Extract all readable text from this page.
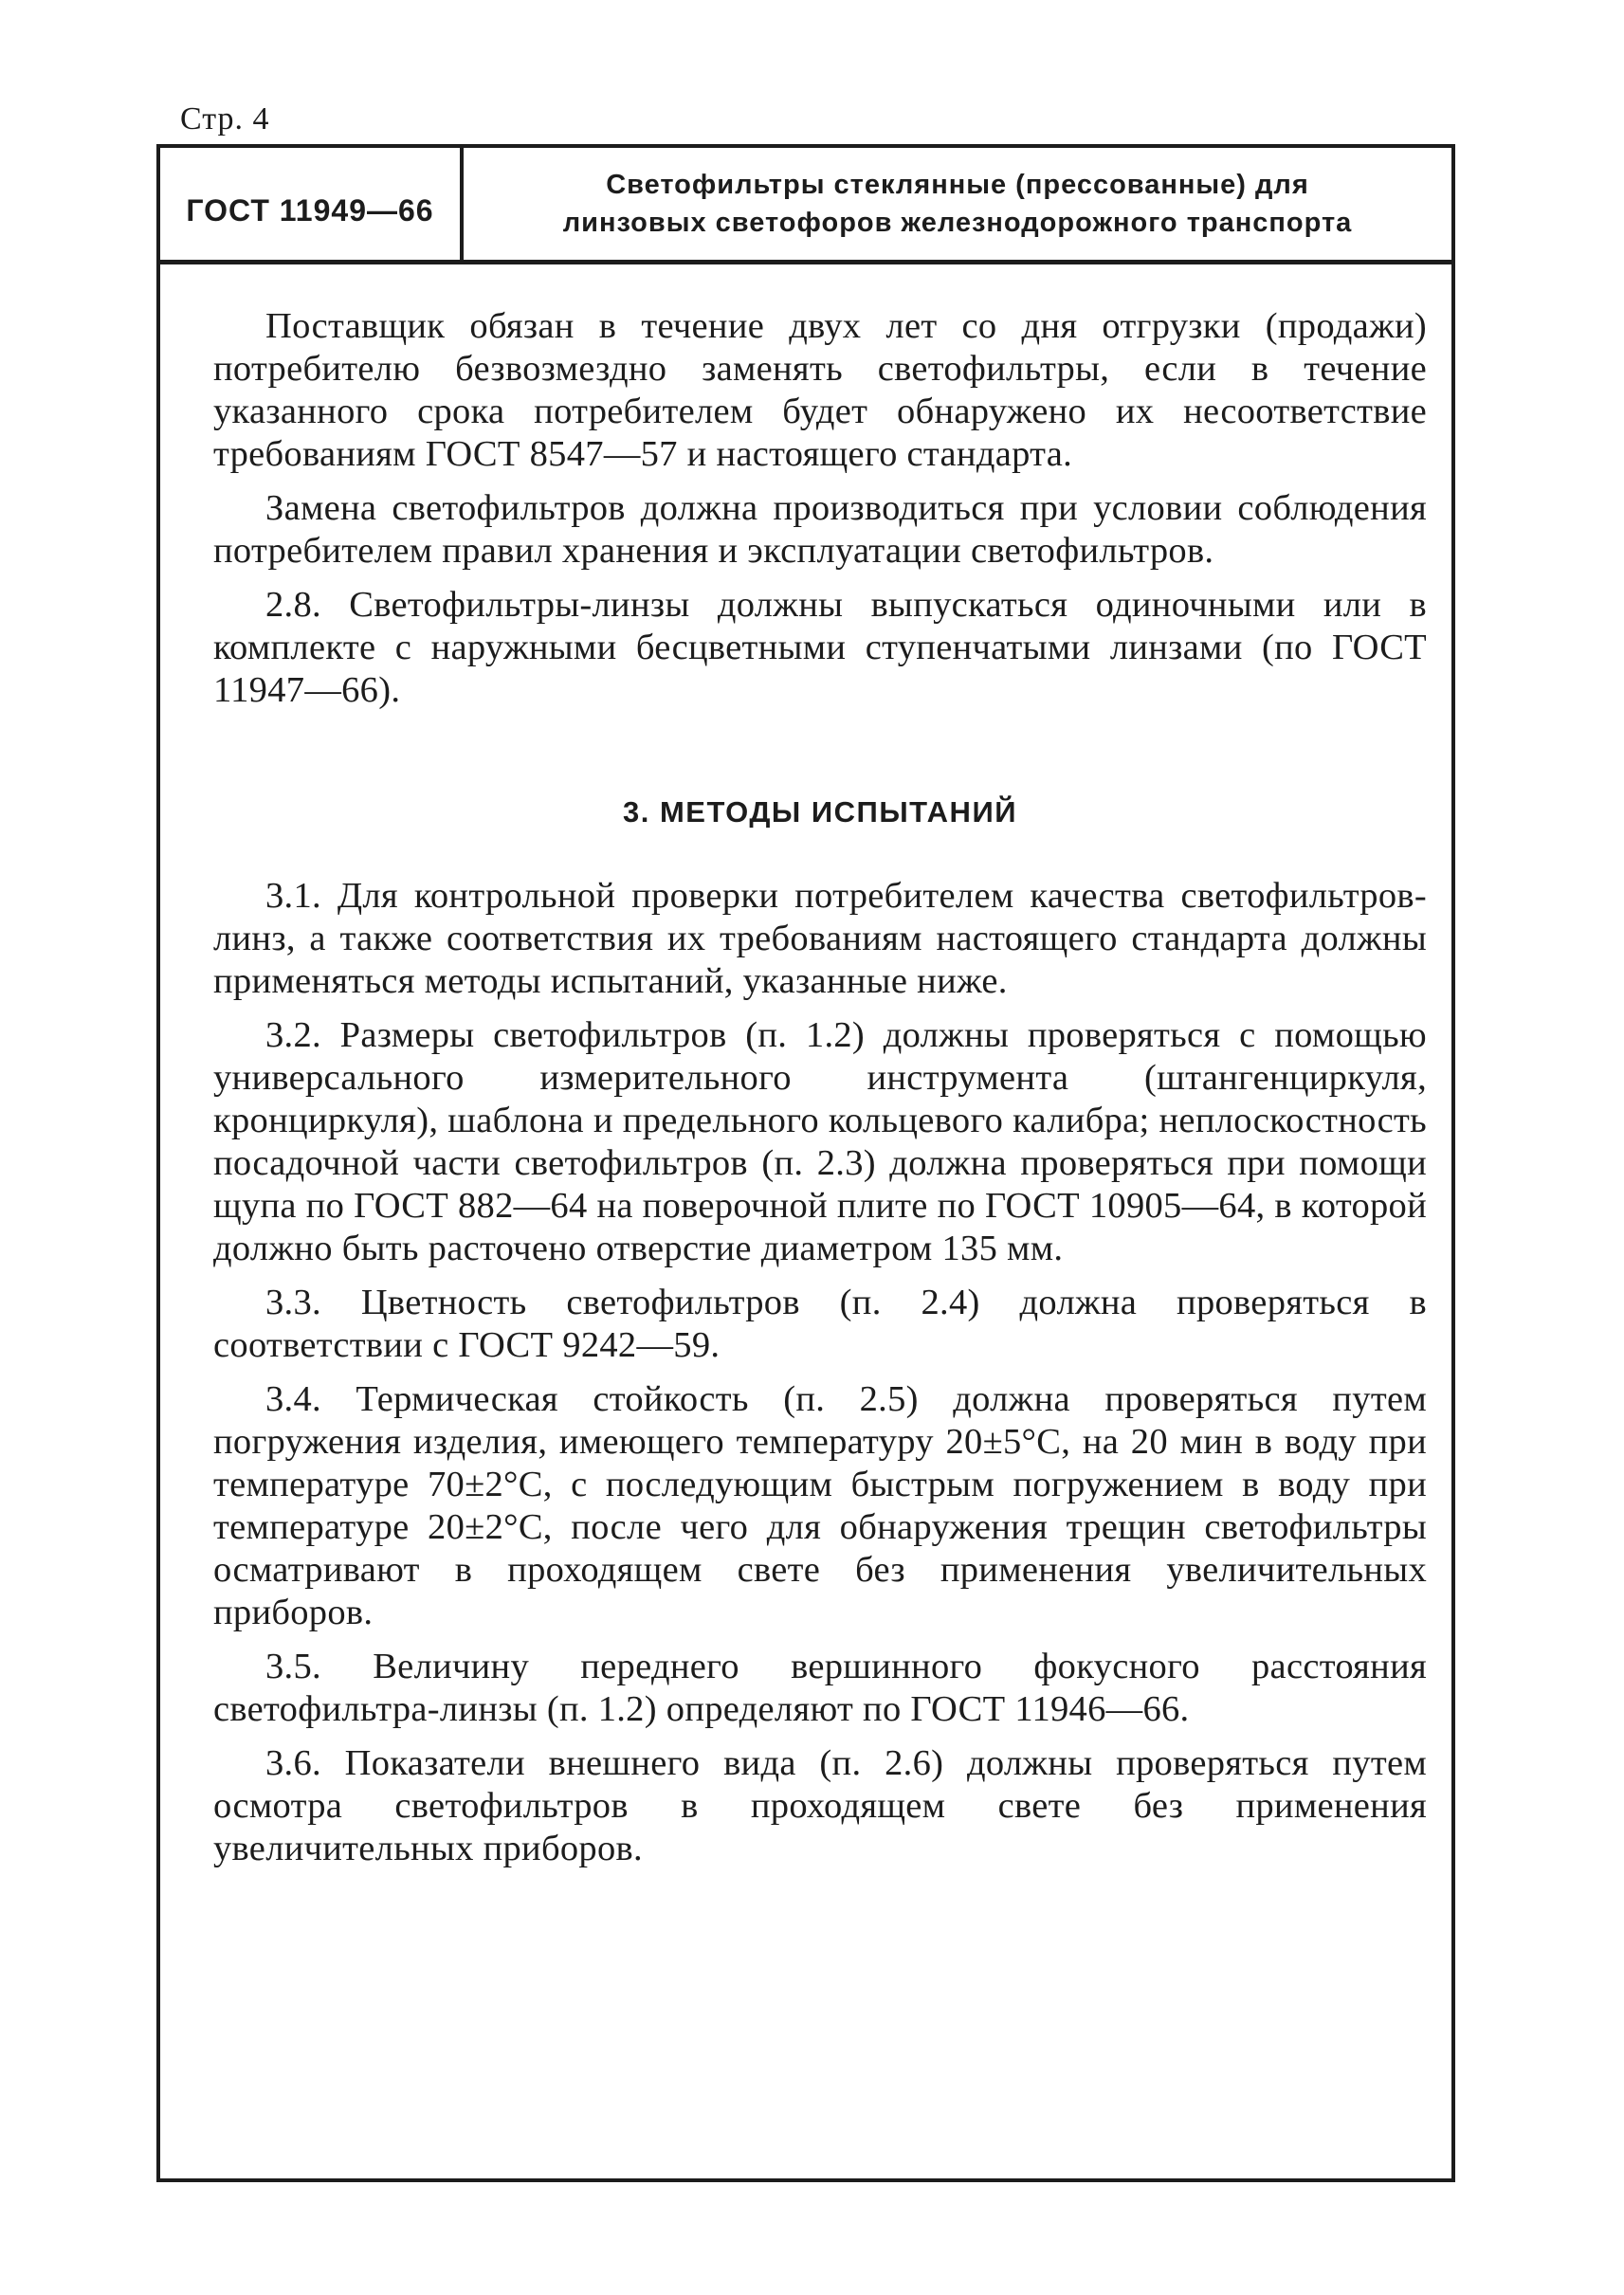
Стр. 4
ГОСТ 11949—66
Светофильтры стеклянные (прессованные) для
линзовых светофоров железнодорожного транспорта

Поставщик обязан в течение двух лет со дня отгрузки (продажи) потребителю безвозмездно заменять светофильтры, если в течение указанного срока потребителем будет обнаружено их несоответствие требованиям ГОСТ 8547—57 и настоящего стандарта.

Замена светофильтров должна производиться при условии соблюдения потребителем правил хранения и эксплуатации светофильтров.

2.8. Светофильтры-линзы должны выпускаться одиночными или в комплекте с наружными бесцветными ступенчатыми линзами (по ГОСТ 11947—66).

3. МЕТОДЫ ИСПЫТАНИЙ

3.1. Для контрольной проверки потребителем качества светофильтров-линз, а также соответствия их требованиям настоящего стандарта должны применяться методы испытаний, указанные ниже.

3.2. Размеры светофильтров (п. 1.2) должны проверяться с помощью универсального измерительного инструмента (штангенциркуля, кронциркуля), шаблона и предельного кольцевого калибра; неплоскостность посадочной части светофильтров (п. 2.3) должна проверяться при помощи щупа по ГОСТ 882—64 на поверочной плите по ГОСТ 10905—64, в которой должно быть расточено отверстие диаметром 135 мм.

3.3. Цветность светофильтров (п. 2.4) должна проверяться в соответствии с ГОСТ 9242—59.

3.4. Термическая стойкость (п. 2.5) должна проверяться путем погружения изделия, имеющего температуру 20±5°С, на 20 мин в воду при температуре 70±2°С, с последующим быстрым погружением в воду при температуре 20±2°С, после чего для обнаружения трещин светофильтры осматривают в проходящем свете без применения увеличительных приборов.

3.5. Величину переднего вершинного фокусного расстояния светофильтра-линзы (п. 1.2) определяют по ГОСТ 11946—66.

3.6. Показатели внешнего вида (п. 2.6) должны проверяться путем осмотра светофильтров в проходящем свете без применения увеличительных приборов.
